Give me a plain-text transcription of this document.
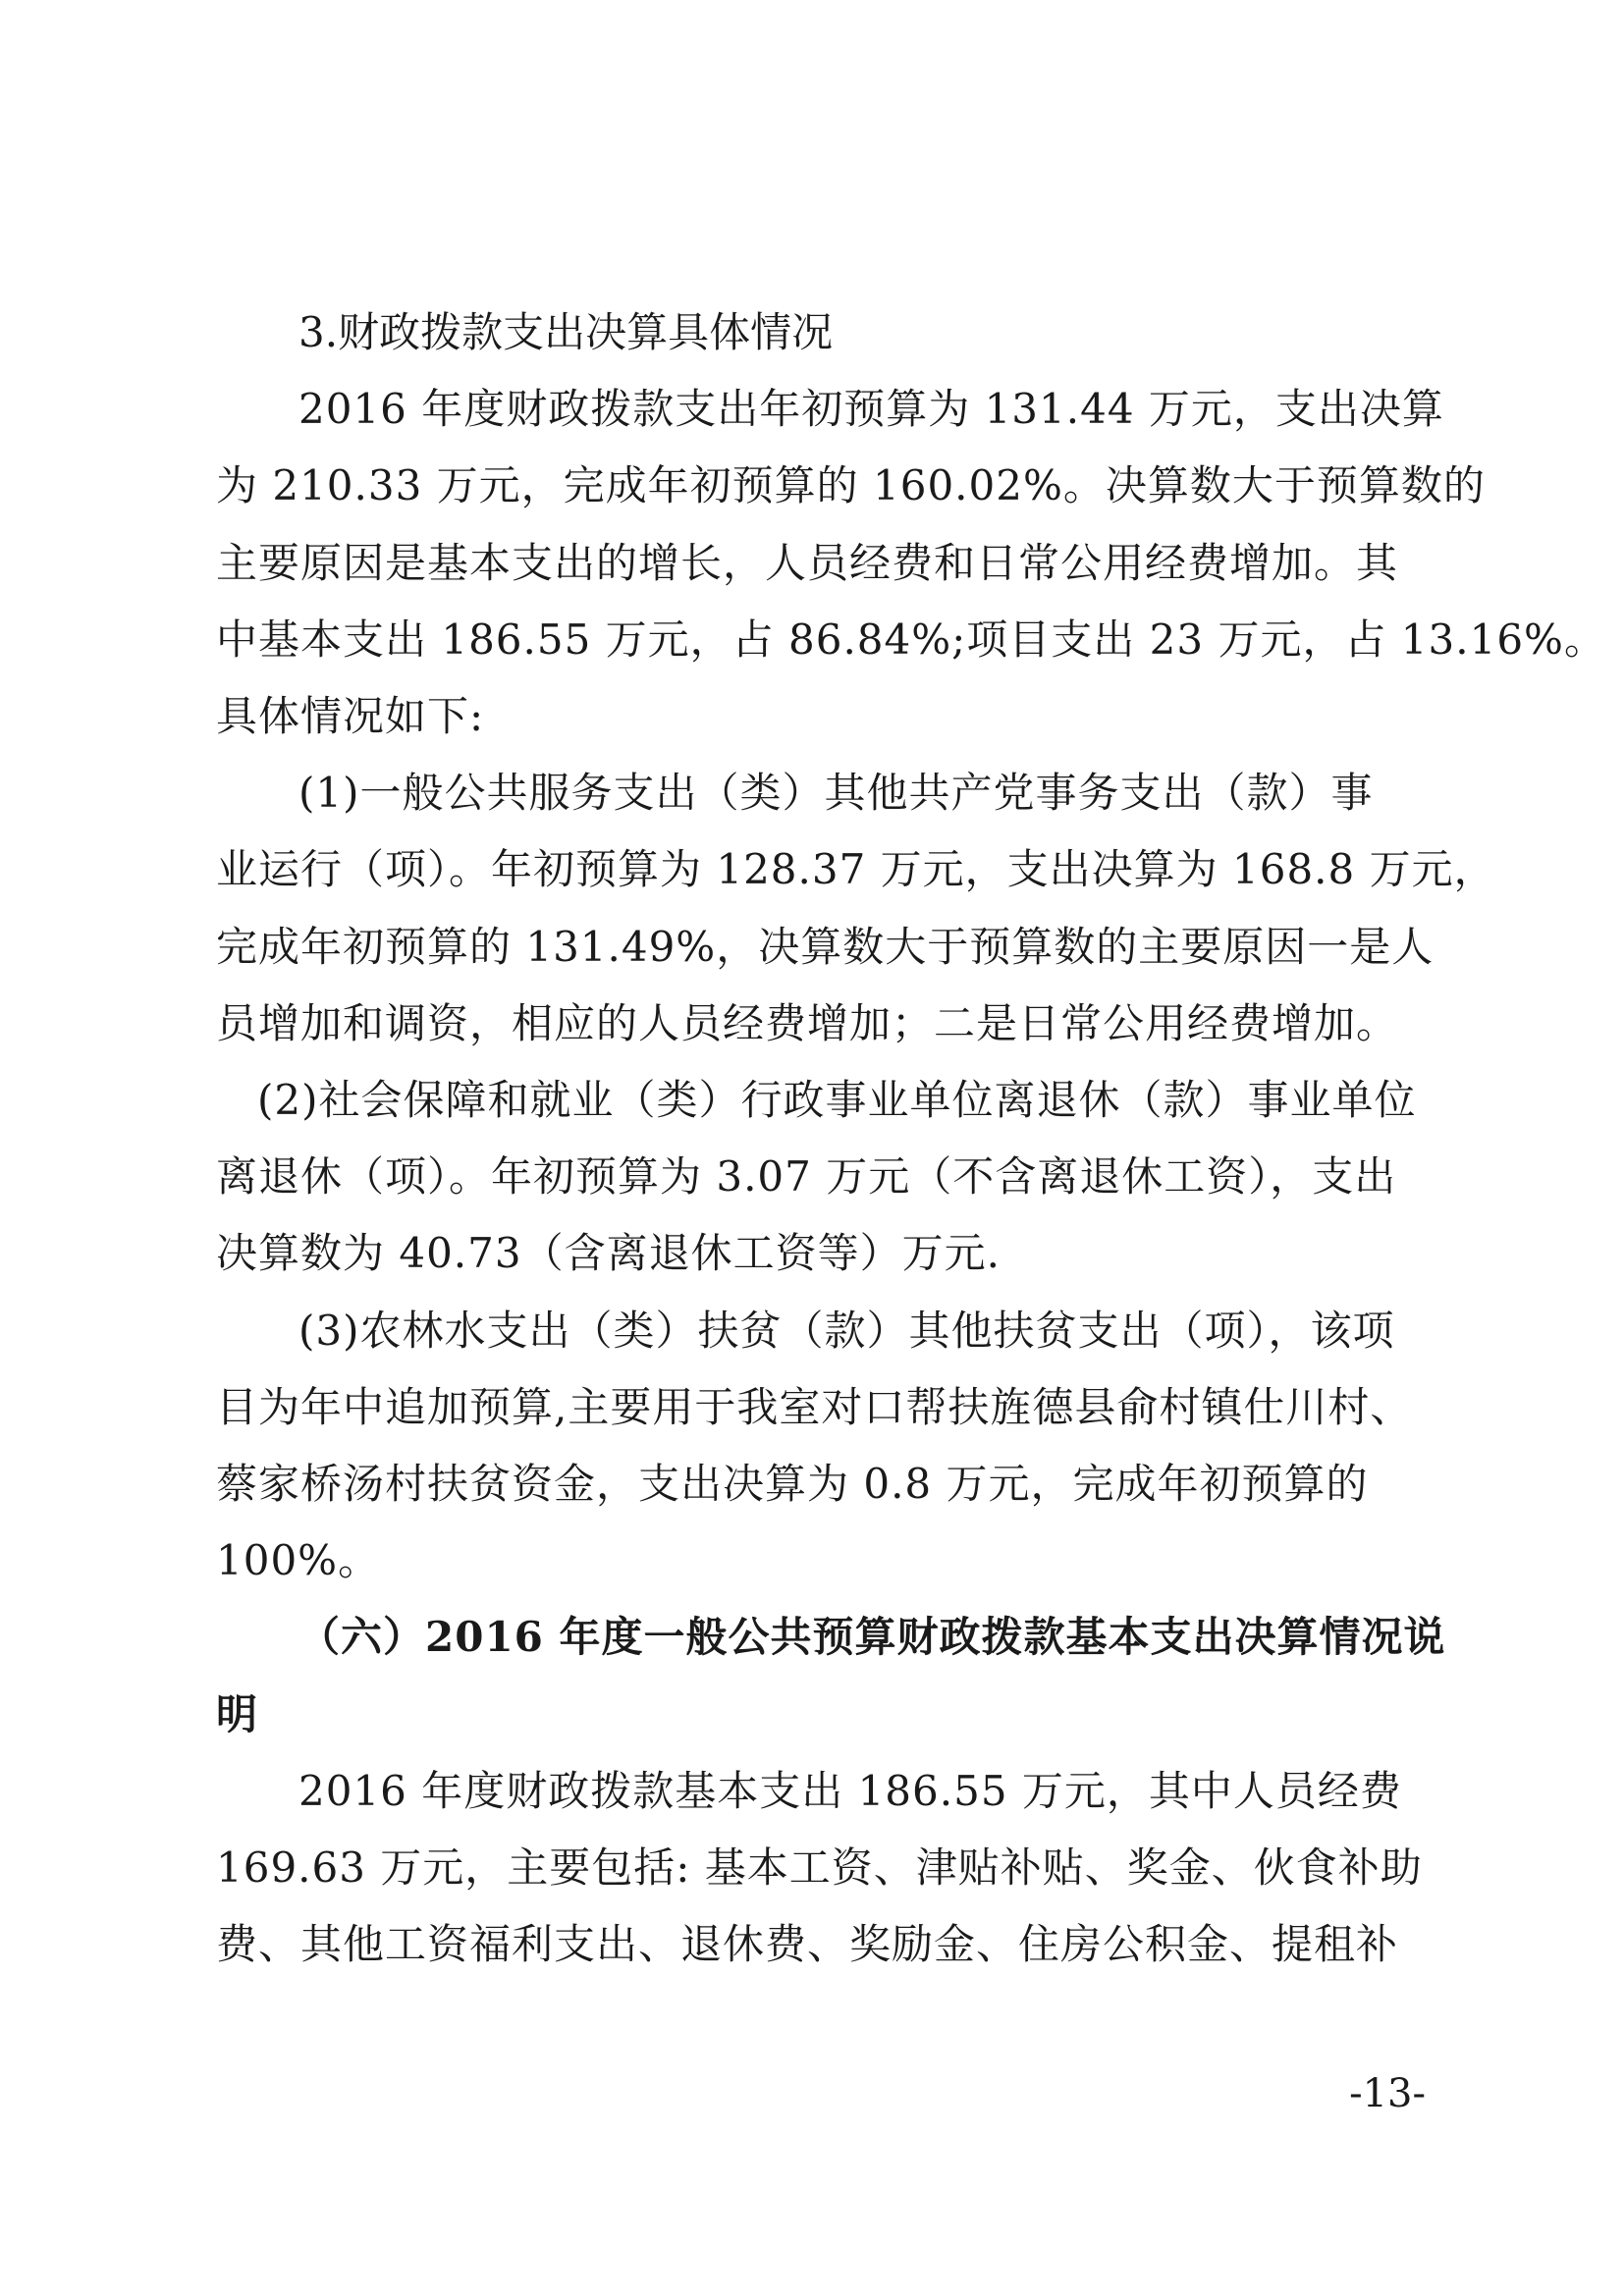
3.财政拨款支出决算具体情况

2016 年度财政拨款支出年初预算为 131.44 万元，支出决算
为 210.33 万元，完成年初预算的 160.02%。决算数大于预算数的
主要原因是基本支出的增长，人员经费和日常公用经费增加。其
中基本支出 186.55 万元，占 86.84%;项目支出 23 万元，占 13.16%。
具体情况如下:

(1)一般公共服务支出（类）其他共产党事务支出（款）事
业运行（项）。年初预算为 128.37 万元，支出决算为 168.8 万元，
完成年初预算的 131.49%，决算数大于预算数的主要原因一是人
员增加和调资，相应的人员经费增加；二是日常公用经费增加。

(2)社会保障和就业（类）行政事业单位离退休（款）事业单位
离退休（项）。年初预算为 3.07 万元（不含离退休工资），支出
决算数为 40.73（含离退休工资等）万元.

(3)农林水支出（类）扶贫（款）其他扶贫支出（项），该项
目为年中追加预算,主要用于我室对口帮扶旌德县俞村镇仕川村、
蔡家桥汤村扶贫资金，支出决算为 0.8 万元，完成年初预算的
100%。

（六）2016 年度一般公共预算财政拨款基本支出决算情况说
明

2016 年度财政拨款基本支出 186.55 万元，其中人员经费
169.63 万元，主要包括: 基本工资、津贴补贴、奖金、伙食补助
费、其他工资福利支出、退休费、奖励金、住房公积金、提租补

-13-
